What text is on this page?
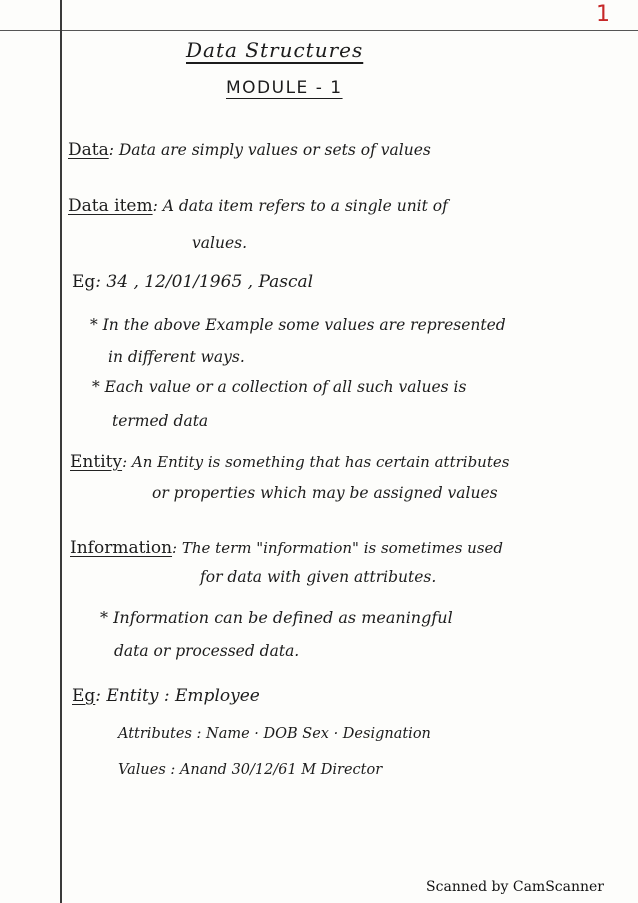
1
Data Structures
MODULE - 1
Data: Data are simply values or sets of values
Data item: A data item refers to a single unit of
values.
Eg: 34 , 12/01/1965 , Pascal
* In the above Example some values are represented
in different ways.
* Each value or a collection of all such values is
termed data
Entity: An Entity is something that has certain attributes
or properties which may be assigned values
Information: The term "information" is sometimes used
for data with given attributes.
* Information can be defined as meaningful
data or processed data.
Eg: Entity : Employee
Attributes : Name · DOB Sex · Designation
Values : Anand 30/12/61 M Director
Scanned by CamScanner
